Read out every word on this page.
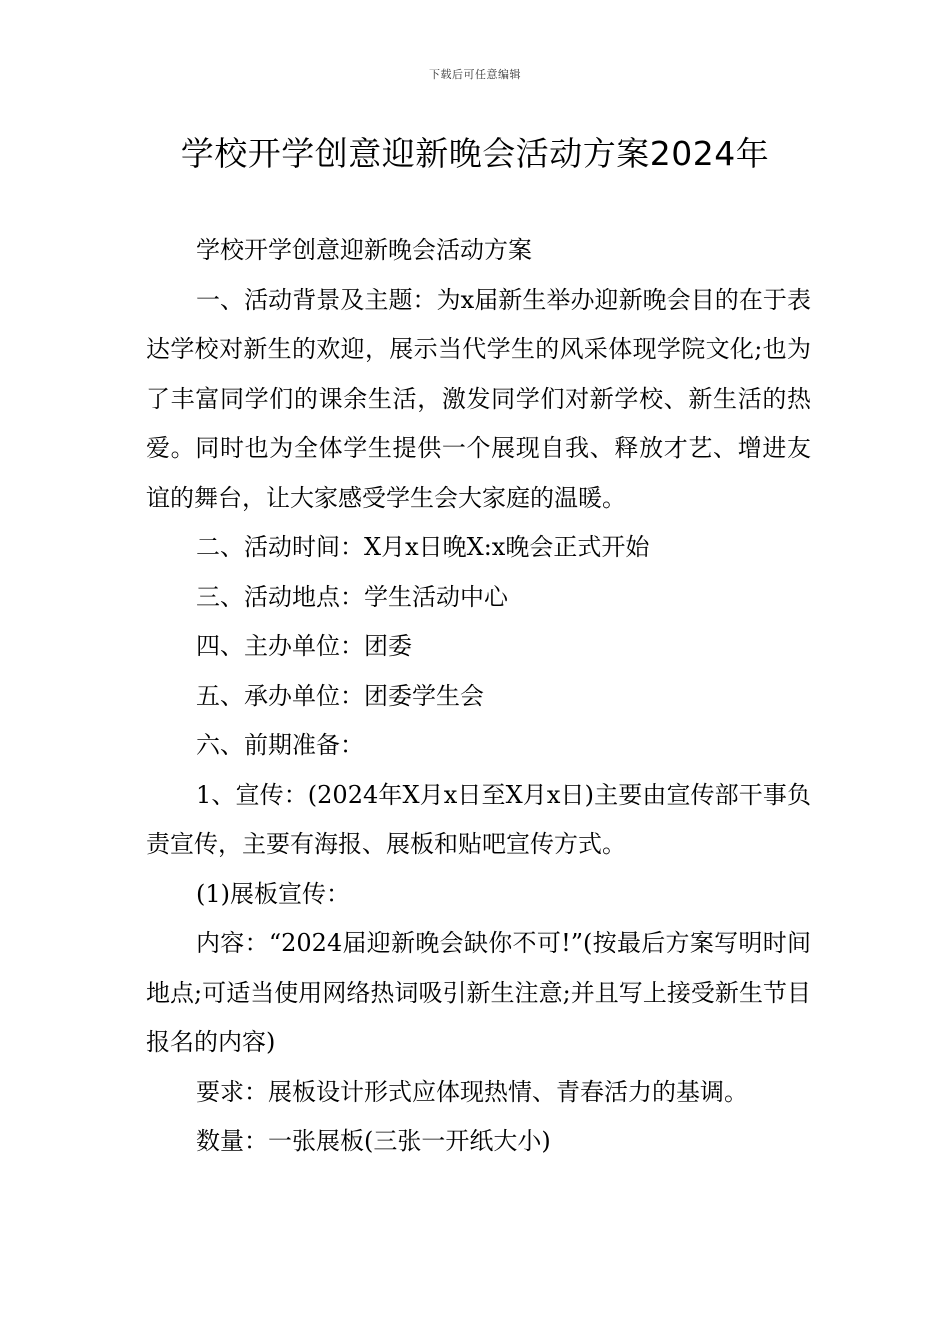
下载后可任意编辑
学校开学创意迎新晚会活动方案2024年

学校开学创意迎新晚会活动方案

一、活动背景及主题：为x届新生举办迎新晚会目的在于表达学校对新生的欢迎，展示当代学生的风采体现学院文化;也为了丰富同学们的课余生活，激发同学们对新学校、新生活的热爱。同时也为全体学生提供一个展现自我、释放才艺、增进友谊的舞台，让大家感受学生会大家庭的温暖。

二、活动时间：X月x日晚X:x晚会正式开始

三、活动地点：学生活动中心

四、主办单位：团委

五、承办单位：团委学生会

六、前期准备：

1、宣传：(2024年X月x日至X月x日)主要由宣传部干事负责宣传，主要有海报、展板和贴吧宣传方式。

(1)展板宣传：

内容：“2024届迎新晚会缺你不可!”(按最后方案写明时间地点;可适当使用网络热词吸引新生注意;并且写上接受新生节目报名的内容)

要求：展板设计形式应体现热情、青春活力的基调。

数量：一张展板(三张一开纸大小)
